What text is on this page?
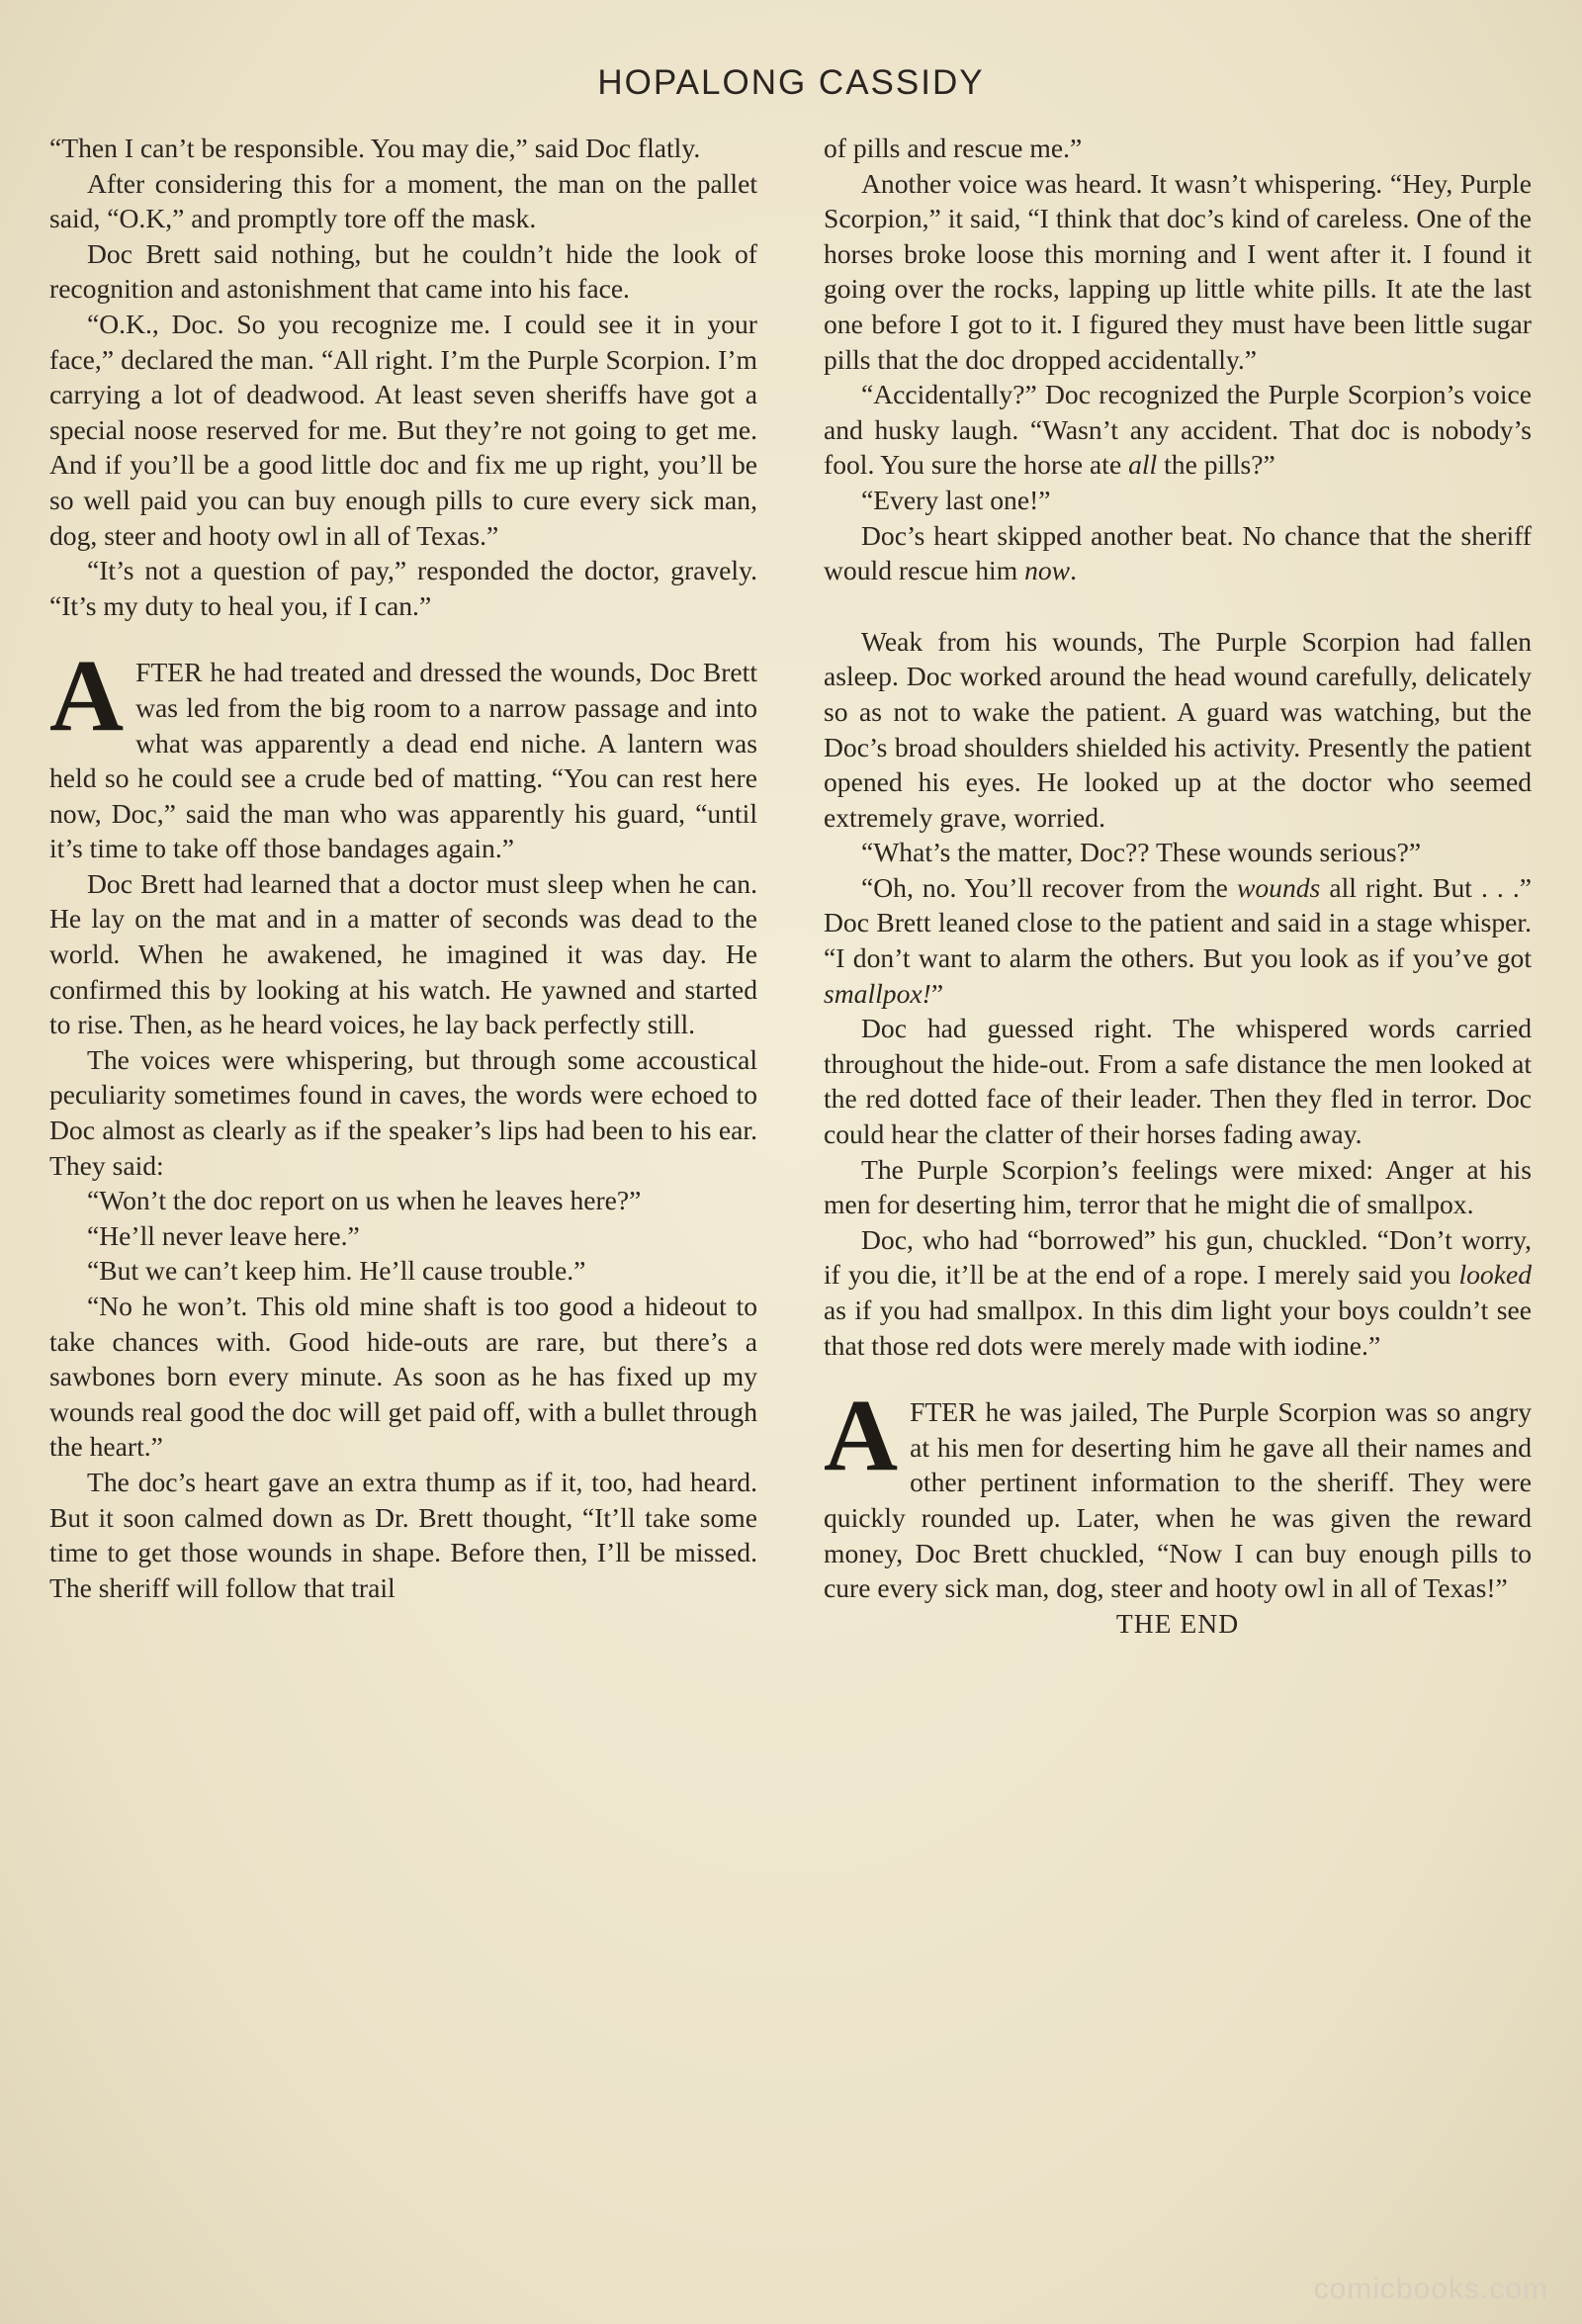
HOPALONG CASSIDY

“Then I can’t be responsible. You may die,” said Doc flatly.

After considering this for a moment, the man on the pallet said, “O.K,” and promptly tore off the mask.

Doc Brett said nothing, but he couldn’t hide the look of recognition and astonishment that came into his face.

“O.K., Doc. So you recognize me. I could see it in your face,” declared the man. “All right. I’m the Purple Scorpion. I’m carrying a lot of deadwood. At least seven sheriffs have got a special noose reserved for me. But they’re not going to get me. And if you’ll be a good little doc and fix me up right, you’ll be so well paid you can buy enough pills to cure every sick man, dog, steer and hooty owl in all of Texas.”

“It’s not a question of pay,” responded the doctor, gravely. “It’s my duty to heal you, if I can.”

AFTER he had treated and dressed the wounds, Doc Brett was led from the big room to a narrow passage and into what was apparently a dead end niche. A lantern was held so he could see a crude bed of matting. “You can rest here now, Doc,” said the man who was apparently his guard, “until it’s time to take off those bandages again.”

Doc Brett had learned that a doctor must sleep when he can. He lay on the mat and in a matter of seconds was dead to the world. When he awakened, he imagined it was day. He confirmed this by looking at his watch. He yawned and started to rise. Then, as he heard voices, he lay back perfectly still.

The voices were whispering, but through some accoustical peculiarity sometimes found in caves, the words were echoed to Doc almost as clearly as if the speaker’s lips had been to his ear. They said:

“Won’t the doc report on us when he leaves here?”

“He’ll never leave here.”

“But we can’t keep him. He’ll cause trouble.”

“No he won’t. This old mine shaft is too good a hideout to take chances with. Good hide-outs are rare, but there’s a sawbones born every minute. As soon as he has fixed up my wounds real good the doc will get paid off, with a bullet through the heart.”

The doc’s heart gave an extra thump as if it, too, had heard. But it soon calmed down as Dr. Brett thought, “It’ll take some time to get those wounds in shape. Before then, I’ll be missed. The sheriff will follow that trail

of pills and rescue me.”

Another voice was heard. It wasn’t whispering. “Hey, Purple Scorpion,” it said, “I think that doc’s kind of careless. One of the horses broke loose this morning and I went after it. I found it going over the rocks, lapping up little white pills. It ate the last one before I got to it. I figured they must have been little sugar pills that the doc dropped accidentally.”

“Accidentally?” Doc recognized the Purple Scorpion’s voice and husky laugh. “Wasn’t any accident. That doc is nobody’s fool. You sure the horse ate all the pills?”

“Every last one!”

Doc’s heart skipped another beat. No chance that the sheriff would rescue him now.

Weak from his wounds, The Purple Scorpion had fallen asleep. Doc worked around the head wound carefully, delicately so as not to wake the patient. A guard was watching, but the Doc’s broad shoulders shielded his activity. Presently the patient opened his eyes. He looked up at the doctor who seemed extremely grave, worried.

“What’s the matter, Doc?? These wounds serious?”

“Oh, no. You’ll recover from the wounds all right. But . . .” Doc Brett leaned close to the patient and said in a stage whisper. “I don’t want to alarm the others. But you look as if you’ve got smallpox!”

Doc had guessed right. The whispered words carried throughout the hide-out. From a safe distance the men looked at the red dotted face of their leader. Then they fled in terror. Doc could hear the clatter of their horses fading away.

The Purple Scorpion’s feelings were mixed: Anger at his men for deserting him, terror that he might die of smallpox.

Doc, who had “borrowed” his gun, chuckled. “Don’t worry, if you die, it’ll be at the end of a rope. I merely said you looked as if you had smallpox. In this dim light your boys couldn’t see that those red dots were merely made with iodine.”

AFTER he was jailed, The Purple Scorpion was so angry at his men for deserting him he gave all their names and other pertinent information to the sheriff. They were quickly rounded up. Later, when he was given the reward money, Doc Brett chuckled, “Now I can buy enough pills to cure every sick man, dog, steer and hooty owl in all of Texas!”

THE END

comicbooks.com
